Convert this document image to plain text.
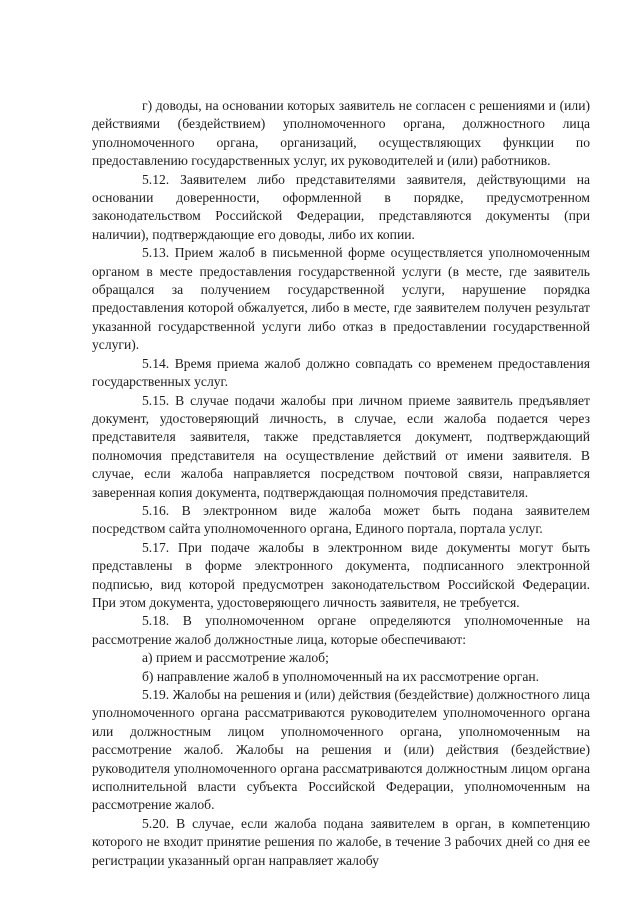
г) доводы, на основании которых заявитель не согласен с решениями и (или) действиями (бездействием) уполномоченного органа, должностного лица уполномоченного органа, организаций, осуществляющих функции по предоставлению государственных услуг, их руководителей и (или) работников.

5.12. Заявителем либо представителями заявителя, действующими на основании доверенности, оформленной в порядке, предусмотренном законодательством Российской Федерации, представляются документы (при наличии), подтверждающие его доводы, либо их копии.

5.13. Прием жалоб в письменной форме осуществляется уполномоченным органом в месте предоставления государственной услуги (в месте, где заявитель обращался за получением государственной услуги, нарушение порядка предоставления которой обжалуется, либо в месте, где заявителем получен результат указанной государственной услуги либо отказ в предоставлении государственной услуги).

5.14. Время приема жалоб должно совпадать со временем предоставления государственных услуг.

5.15. В случае подачи жалобы при личном приеме заявитель предъявляет документ, удостоверяющий личность, в случае, если жалоба подается через представителя заявителя, также представляется документ, подтверждающий полномочия представителя на осуществление действий от имени заявителя. В случае, если жалоба направляется посредством почтовой связи, направляется заверенная копия документа, подтверждающая полномочия представителя.

5.16. В электронном виде жалоба может быть подана заявителем посредством сайта уполномоченного органа, Единого портала, портала услуг.

5.17. При подаче жалобы в электронном виде документы могут быть представлены в форме электронного документа, подписанного электронной подписью, вид которой предусмотрен законодательством Российской Федерации. При этом документа, удостоверяющего личность заявителя, не требуется.

5.18. В уполномоченном органе определяются уполномоченные на рассмотрение жалоб должностные лица, которые обеспечивают:

а) прием и рассмотрение жалоб;

б) направление жалоб в уполномоченный на их рассмотрение орган.

5.19. Жалобы на решения и (или) действия (бездействие) должностного лица уполномоченного органа рассматриваются руководителем уполномоченного органа или должностным лицом уполномоченного органа, уполномоченным на рассмотрение жалоб. Жалобы на решения и (или) действия (бездействие) руководителя уполномоченного органа рассматриваются должностным лицом органа исполнительной власти субъекта Российской Федерации, уполномоченным на рассмотрение жалоб.

5.20. В случае, если жалоба подана заявителем в орган, в компетенцию которого не входит принятие решения по жалобе, в течение 3 рабочих дней со дня ее регистрации указанный орган направляет жалобу
